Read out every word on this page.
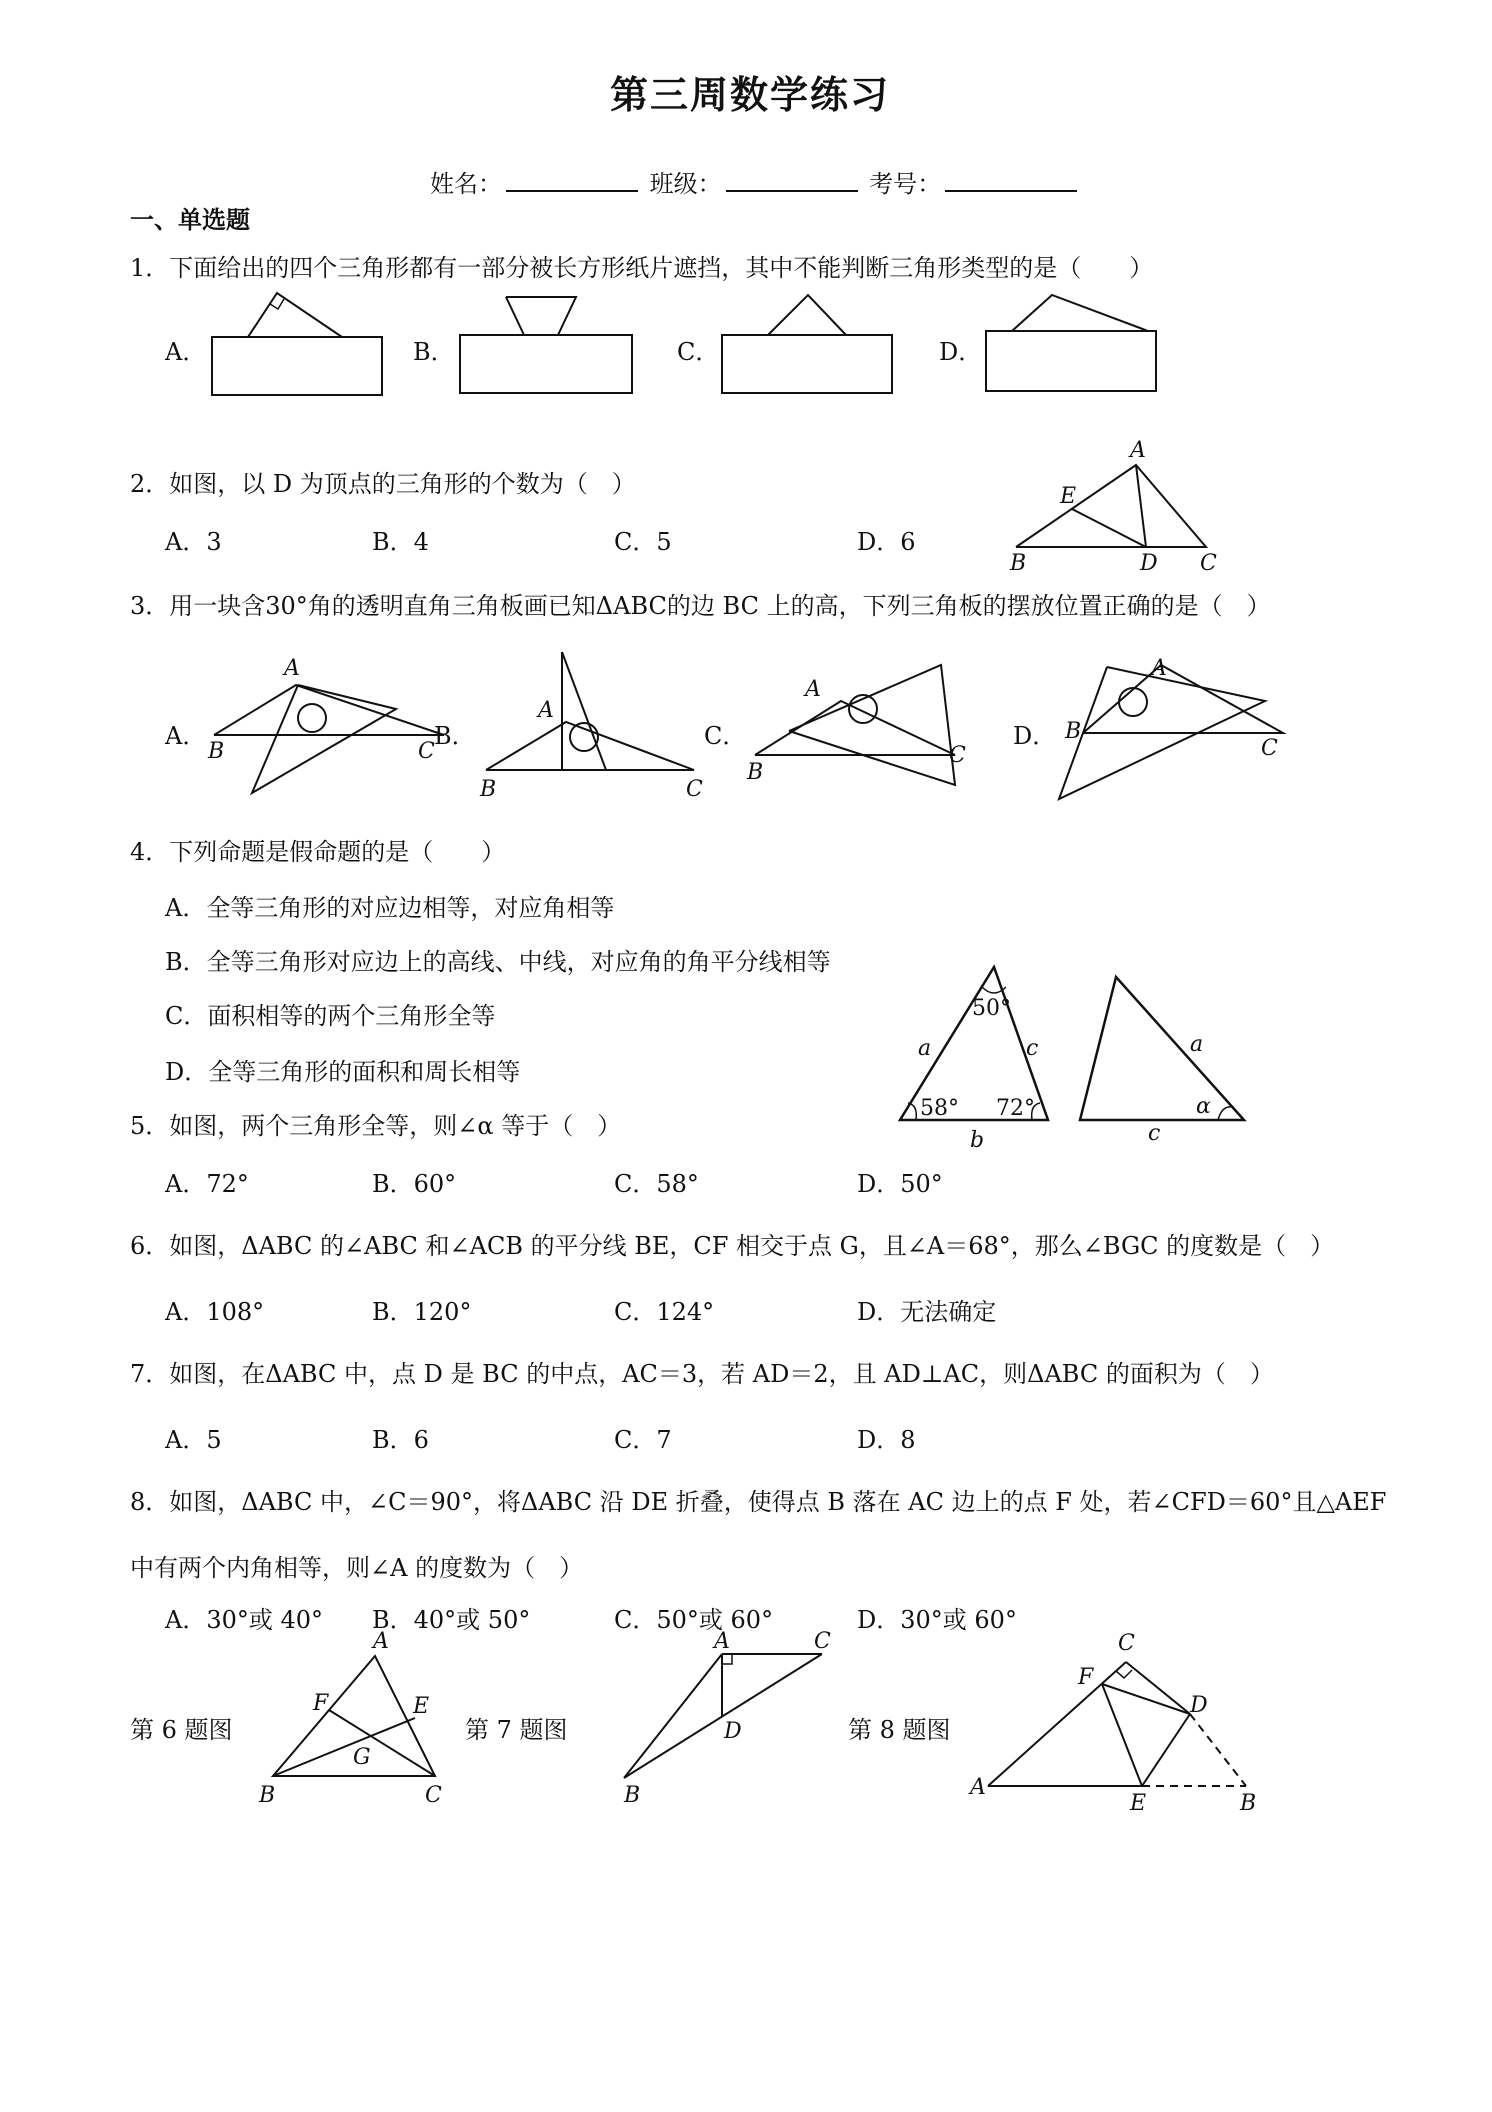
第三周数学练习
姓名：	班级：	考号：
一、单选题
1．下面给出的四个三角形都有一部分被长方形纸片遮挡，其中不能判断三角形类型的是（　　）
A．	B．	C．	D．
2．如图，以 D 为顶点的三角形的个数为（　）
A．3	B．4	C．5	D．6
A
E
B	D C
3．用一块含30°角的透明直角三角板画已知ΔABC的边 BC 上的高，下列三角板的摆放位置正确的是（　）
A．	B．	C．	D．
A
B	C
A
B	C
A
B
C
A
B
C
4．下列命题是假命题的是（　　）
A．全等三角形的对应边相等，对应角相等
B．全等三角形对应边上的高线、中线，对应角的角平分线相等
C．面积相等的两个三角形全等
D．全等三角形的面积和周长相等
50°
a	c
58° 72°
b
a
α
c
5．如图，两个三角形全等，则∠α 等于（　）
A．72°	B．60°	C．58°	D．50°
6．如图，ΔABC 的∠ABC 和∠ACB 的平分线 BE，CF 相交于点 G，且∠A＝68°，那么∠BGC 的度数是（　）
A．108°	B．120°	C．124°	D．无法确定
7．如图，在ΔABC 中，点 D 是 BC 的中点，AC＝3，若 AD＝2，且 AD⊥AC，则ΔABC 的面积为（　）
A．5	B．6	C．7	D．8
8．如图，ΔABC 中，∠C＝90°，将ΔABC 沿 DE 折叠，使得点 B 落在 AC 边上的点 F 处，若∠CFD＝60°且△AEF
中有两个内角相等，则∠A 的度数为（　）
A．30°或 40° B．40°或 50°	C．50°或 60°	D．30°或 60°
第 6 题图	第 7 题图	第 8 题图
A
F	E
G
B	C
A	C
D
B
C
F
D
A
E	B
